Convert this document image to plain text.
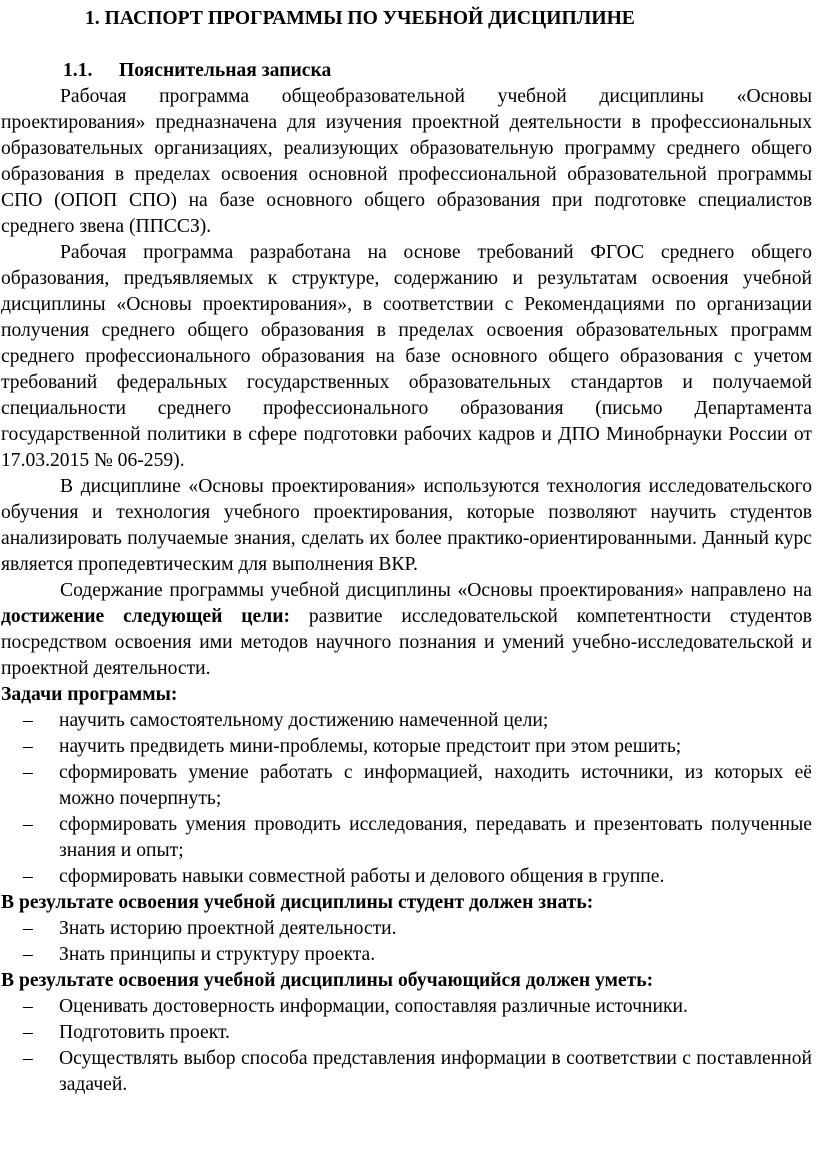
1. ПАСПОРТ ПРОГРАММЫ ПО УЧЕБНОЙ ДИСЦИПЛИНЕ
1.1. Пояснительная записка

Рабочая программа общеобразовательной учебной дисциплины «Основы проектирования» предназначена для изучения проектной деятельности в профессиональных образовательных организациях, реализующих образовательную программу среднего общего образования в пределах освоения основной профессиональной образовательной программы СПО (ОПОП СПО) на базе основного общего образования при подготовке специалистов среднего звена (ППССЗ).

Рабочая программа разработана на основе требований ФГОС среднего общего образования, предъявляемых к структуре, содержанию и результатам освоения учебной дисциплины «Основы проектирования», в соответствии с Рекомендациями по организации получения среднего общего образования в пределах освоения образовательных программ среднего профессионального образования на базе основного общего образования с учетом требований федеральных государственных образовательных стандартов и получаемой специальности среднего профессионального образования (письмо Департамента государственной политики в сфере подготовки рабочих кадров и ДПО Минобрнауки России от 17.03.2015 № 06-259).

В дисциплине «Основы проектирования» используются технология исследовательского обучения и технология учебного проектирования, которые позволяют научить студентов анализировать получаемые знания, сделать их более практико-ориентированными. Данный курс является пропедевтическим для выполнения ВКР.

Содержание программы учебной дисциплины «Основы проектирования» направлено на достижение следующей цели: развитие исследовательской компетентности студентов посредством освоения ими методов научного познания и умений учебно-исследовательской и проектной деятельности.

Задачи программы:
– научить самостоятельному достижению намеченной цели;
– научить предвидеть мини-проблемы, которые предстоит при этом решить;
– сформировать умение работать с информацией, находить источники, из которых её можно почерпнуть;
– сформировать умения проводить исследования, передавать и презентовать полученные знания и опыт;
– сформировать навыки совместной работы и делового общения в группе.
В результате освоения учебной дисциплины студент должен знать:
– Знать историю проектной деятельности.
– Знать принципы и структуру проекта.
В результате освоения учебной дисциплины обучающийся должен уметь:
– Оценивать достоверность информации, сопоставляя различные источники.
– Подготовить проект.
– Осуществлять выбор способа представления информации в соответствии с поставленной задачей.
